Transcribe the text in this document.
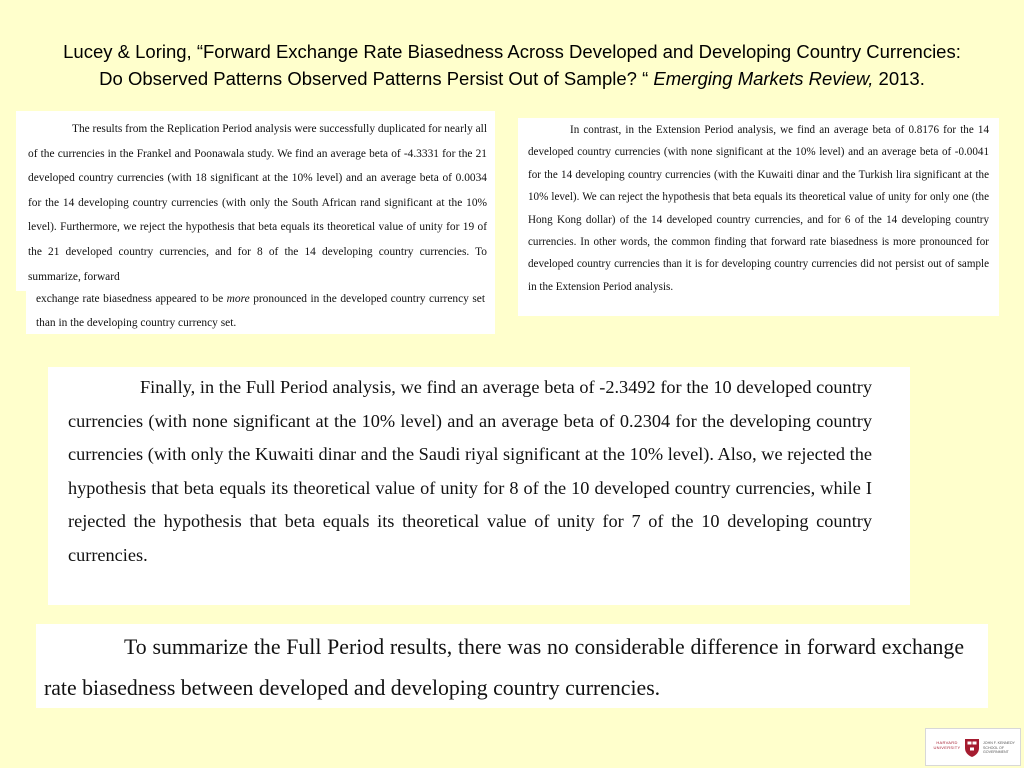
Lucey & Loring, “Forward Exchange Rate Biasedness Across Developed and Developing Country Currencies:
Do Observed Patterns Observed Patterns Persist Out of Sample? “ Emerging Markets Review, 2013.

The results from the Replication Period analysis were successfully duplicated for nearly all of the currencies in the Frankel and Poonawala study. We find an average beta of -4.3331 for the 21 developed country currencies (with 18 significant at the 10% level) and an average beta of 0.0034 for the 14 developing country currencies (with only the South African rand significant at the 10% level). Furthermore, we reject the hypothesis that beta equals its theoretical value of unity for 19 of the 21 developed country currencies, and for 8 of the 14 developing country currencies. To summarize, forward

exchange rate biasedness appeared to be more pronounced in the developed country currency set than in the developing country currency set.

In contrast, in the Extension Period analysis, we find an average beta of 0.8176 for the 14 developed country currencies (with none significant at the 10% level) and an average beta of -0.0041 for the 14 developing country currencies (with the Kuwaiti dinar and the Turkish lira significant at the 10% level). We can reject the hypothesis that beta equals its theoretical value of unity for only one (the Hong Kong dollar) of the 14 developed country currencies, and for 6 of the 14 developing country currencies. In other words, the common finding that forward rate biasedness is more pronounced for developed country currencies than it is for developing country currencies did not persist out of sample in the Extension Period analysis.

Finally, in the Full Period analysis, we find an average beta of -2.3492 for the 10 developed country currencies (with none significant at the 10% level) and an average beta of 0.2304 for the developing country currencies (with only the Kuwaiti dinar and the Saudi riyal significant at the 10% level). Also, we rejected the hypothesis that beta equals its theoretical value of unity for 8 of the 10 developed country currencies, while I rejected the hypothesis that beta equals its theoretical value of unity for 7 of the 10 developing country currencies.

To summarize the Full Period results, there was no considerable difference in forward exchange rate biasedness between developed and developing country currencies.

HARVARD
UNIVERSITY
JOHN F. KENNEDY
SCHOOL OF GOVERNMENT
